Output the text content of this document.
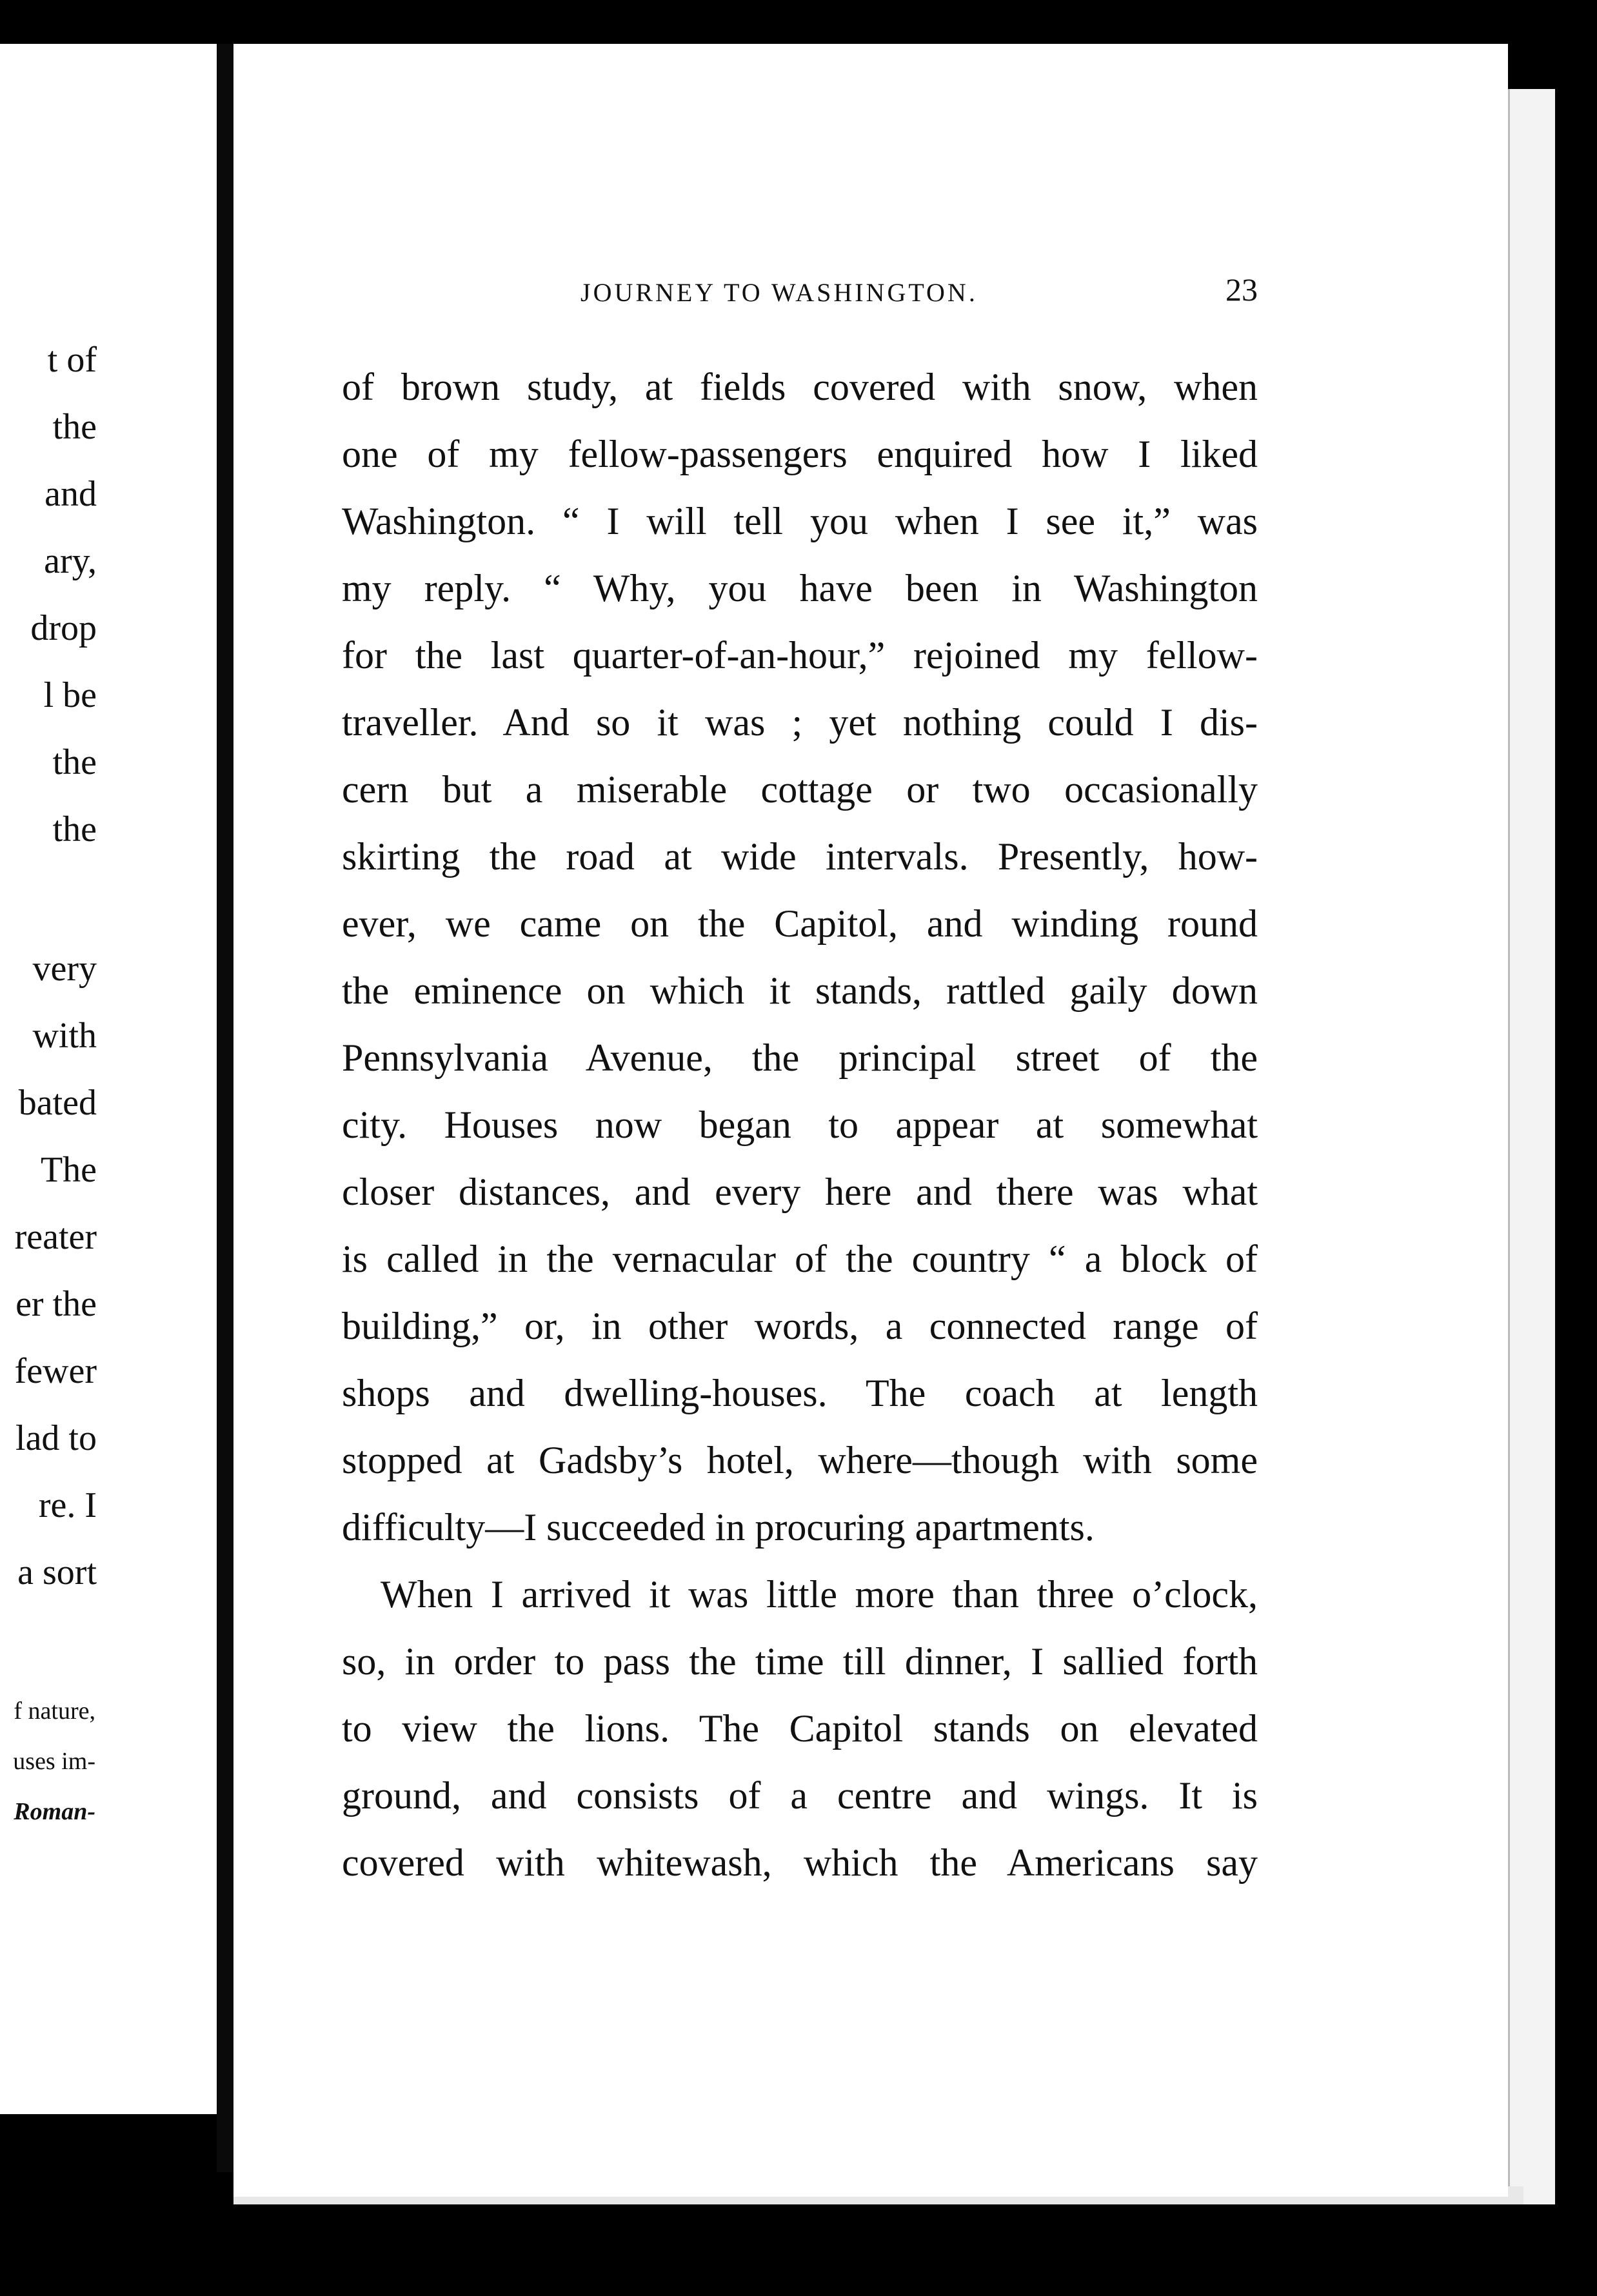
t of
the
and
ary,
drop
l be
the
the
very
with
bated
The
reater
er the
fewer
lad to
re. I
a sort
f nature,
uses im-
Roman-
JOURNEY TO WASHINGTON.	23
of brown study, at fields covered with snow, when
one of my fellow-passengers enquired how I liked
Washington. “ I will tell you when I see it,” was
my reply. “ Why, you have been in Washington
for the last quarter-of-an-hour,” rejoined my fellow-
traveller. And so it was ; yet nothing could I dis-
cern but a miserable cottage or two occasionally
skirting the road at wide intervals. Presently, how-
ever, we came on the Capitol, and winding round
the eminence on which it stands, rattled gaily down
Pennsylvania Avenue, the principal street of the
city. Houses now began to appear at somewhat
closer distances, and every here and there was what
is called in the vernacular of the country “ a block of
building,” or, in other words, a connected range of
shops and dwelling-houses. The coach at length
stopped at Gadsby’s hotel, where—though with some
difficulty—I succeeded in procuring apartments.
When I arrived it was little more than three o’clock,
so, in order to pass the time till dinner, I sallied forth
to view the lions. The Capitol stands on elevated
ground, and consists of a centre and wings. It is
covered with whitewash, which the Americans say
